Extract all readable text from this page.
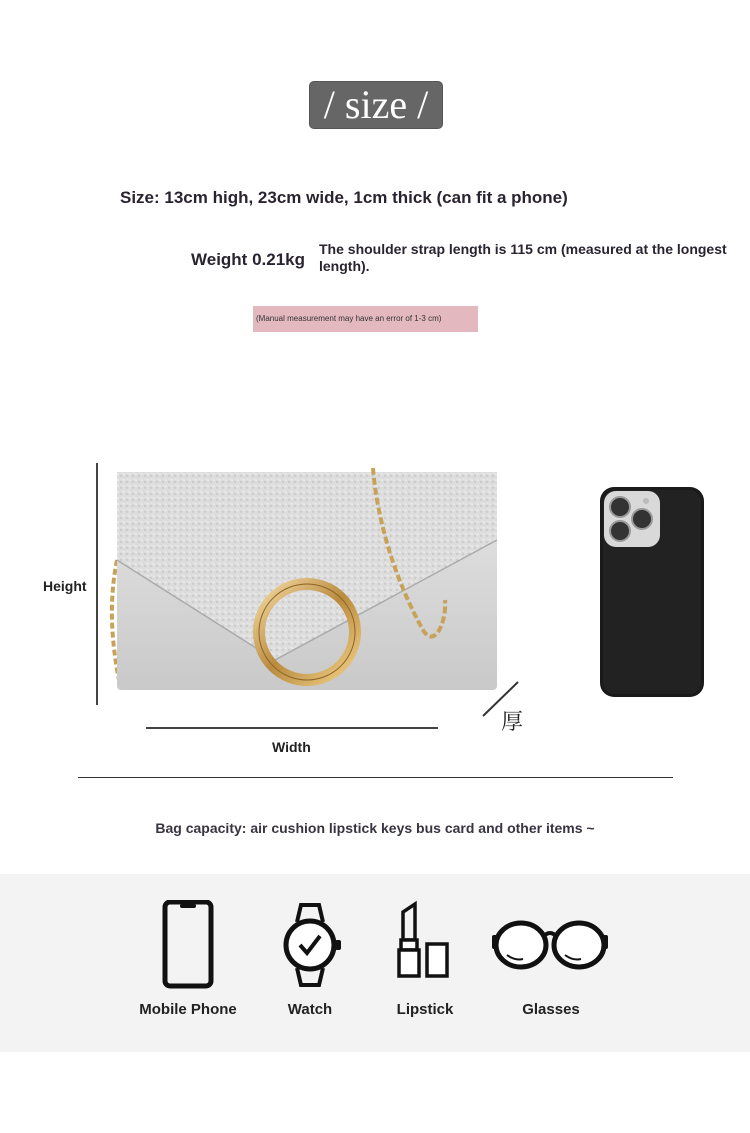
/ size /
Size: 13cm high, 23cm wide, 1cm thick (can fit a phone)
Weight 0.21kg
The shoulder strap length is 115 cm (measured at the longest length).
(Manual measurement may have an error of 1-3 cm)
Height
Width
厚
Bag capacity: air cushion lipstick keys bus card and other items ~
Mobile Phone	Watch	Lipstick	Glasses
